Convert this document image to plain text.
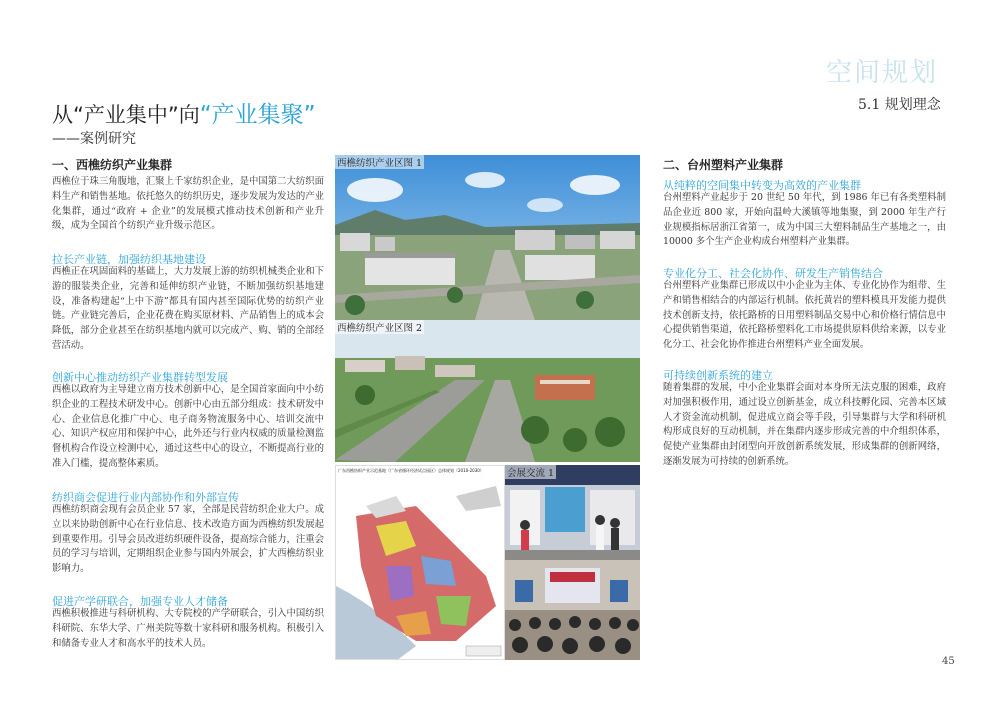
空间规划
5.1 规划理念
从“产业集中”向“产业集聚”
——案例研究
一、西樵纺织产业集群
西樵位于珠三角腹地，汇聚上千家纺织企业，是中国第二大纺织面料生产和销售基地。依托悠久的纺织历史，逐步发展为发达的产业化集群，通过“政府 + 企业”的发展模式推动技术创新和产业升级，成为全国首个纺织产业升级示范区。
拉长产业链，加强纺织基地建设
西樵正在巩固面料的基础上，大力发展上游的纺织机械类企业和下游的服装类企业，完善和延伸纺织产业链，不断加强纺织基地建设，准备构建起“上中下游”都具有国内甚至国际优势的纺织产业链。产业链完善后，企业花费在购买原材料、产品销售上的成本会降低，部分企业甚至在纺织基地内就可以完成产、购、销的全部经营活动。
创新中心推动纺织产业集群转型发展
西樵以政府为主导建立南方技术创新中心，是全国首家面向中小纺织企业的工程技术研发中心。创新中心由五部分组成：技术研发中心、企业信息化推广中心、电子商务物流服务中心、培训交流中心、知识产权应用和保护中心，此外还与行业内权威的质量检测监督机构合作设立检测中心，通过这些中心的设立，不断提高行业的准入门槛，提高整体素质。
纺织商会促进行业内部协作和外部宣传
西樵纺织商会现有会员企业 57 家，全部是民营纺织企业大户。成立以来协助创新中心在行业信息、技术改造方面为西樵纺织发展起到重要作用。引导会员改进纺织硬件设备，提高综合能力，注重会员的学习与培训，定期组织企业参与国内外展会，扩大西樵纺织业影响力。
促进产学研联合，加强专业人才储备
西樵积极推进与科研机构、大专院校的产学研联合，引入中国纺织科研院、东华大学、广州美院等数十家科研和服务机构。积极引入和储备专业人才和高水平的技术人员。
西樵纺织产业区图 1
西樵纺织产业区图 2
广东西樵纺织产业示范基地（广东省循环经济试点园区）总体规划（2010-2030）	会展交流 1
二、台州塑料产业集群
从纯粹的空间集中转变为高效的产业集群
台州塑料产业起步于 20 世纪 50 年代，到 1986 年已有各类塑料制品企业近 800 家，开始向温岭大溪镇等地集聚，到 2000 年生产行业规模指标居浙江省第一，成为中国三大塑料制品生产基地之一，由 10000 多个生产企业构成台州塑料产业集群。
专业化分工、社会化协作、研发生产销售结合
台州塑料产业集群已形成以中小企业为主体、专业化协作为组带、生产和销售相结合的内部运行机制。依托黄岩的塑料模具开发能力提供技术创新支持，依托路桥的日用塑料制品交易中心和价格行情信息中心提供销售渠道，依托路桥塑料化工市场提供原料供给来源，以专业化分工、社会化协作推进台州塑料产业全面发展。
可持续创新系统的建立
随着集群的发展，中小企业集群会面对本身所无法克服的困难，政府对加强积极作用，通过设立创新基金，成立科技孵化园、完善本区域人才资金流动机制，促进成立商会等手段，引导集群与大学和科研机构形成良好的互动机制，并在集群内逐步形成完善的中介组织体系，促使产业集群由封闭型向开放创新系统发展，形成集群的创新网络，逐渐发展为可持续的创新系统。
45
